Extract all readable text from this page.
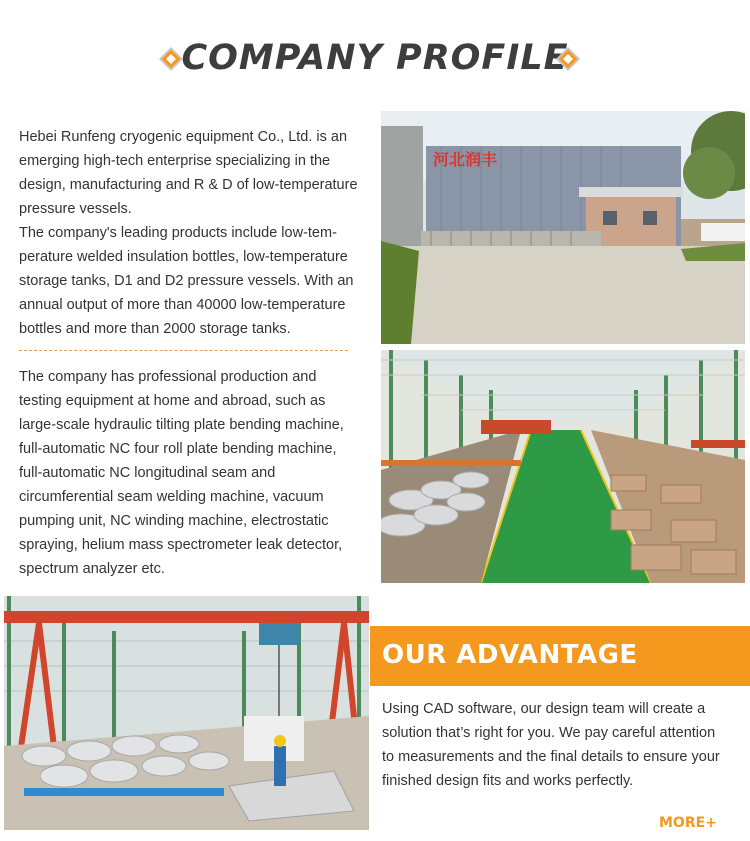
COMPANY PROFILE
Hebei Runfeng cryogenic equipment Co., Ltd. is an
emerging high-tech enterprise specializing in the
design, manufacturing and R & D of low-temperature
pressure vessels.
The company's leading products include low-tem-
perature welded insulation bottles, low-temperature
storage tanks, D1 and D2 pressure vessels. With an
annual output of more than 40000 low-temperature
bottles and more than 2000 storage tanks.
The company has professional production and
testing equipment at home and abroad, such as
large-scale hydraulic tilting plate bending machine,
full-automatic NC four roll plate bending machine,
full-automatic NC longitudinal seam and
circumferential seam welding machine, vacuum
pumping unit, NC winding machine, electrostatic
spraying, helium mass spectrometer leak detector,
spectrum analyzer etc.
河北润丰
OUR ADVANTAGE
Using CAD software, our design team will create a
solution that’s right for you. We pay careful attention
to measurements and the final details to ensure your
finished design fits and works perfectly.
MORE+
